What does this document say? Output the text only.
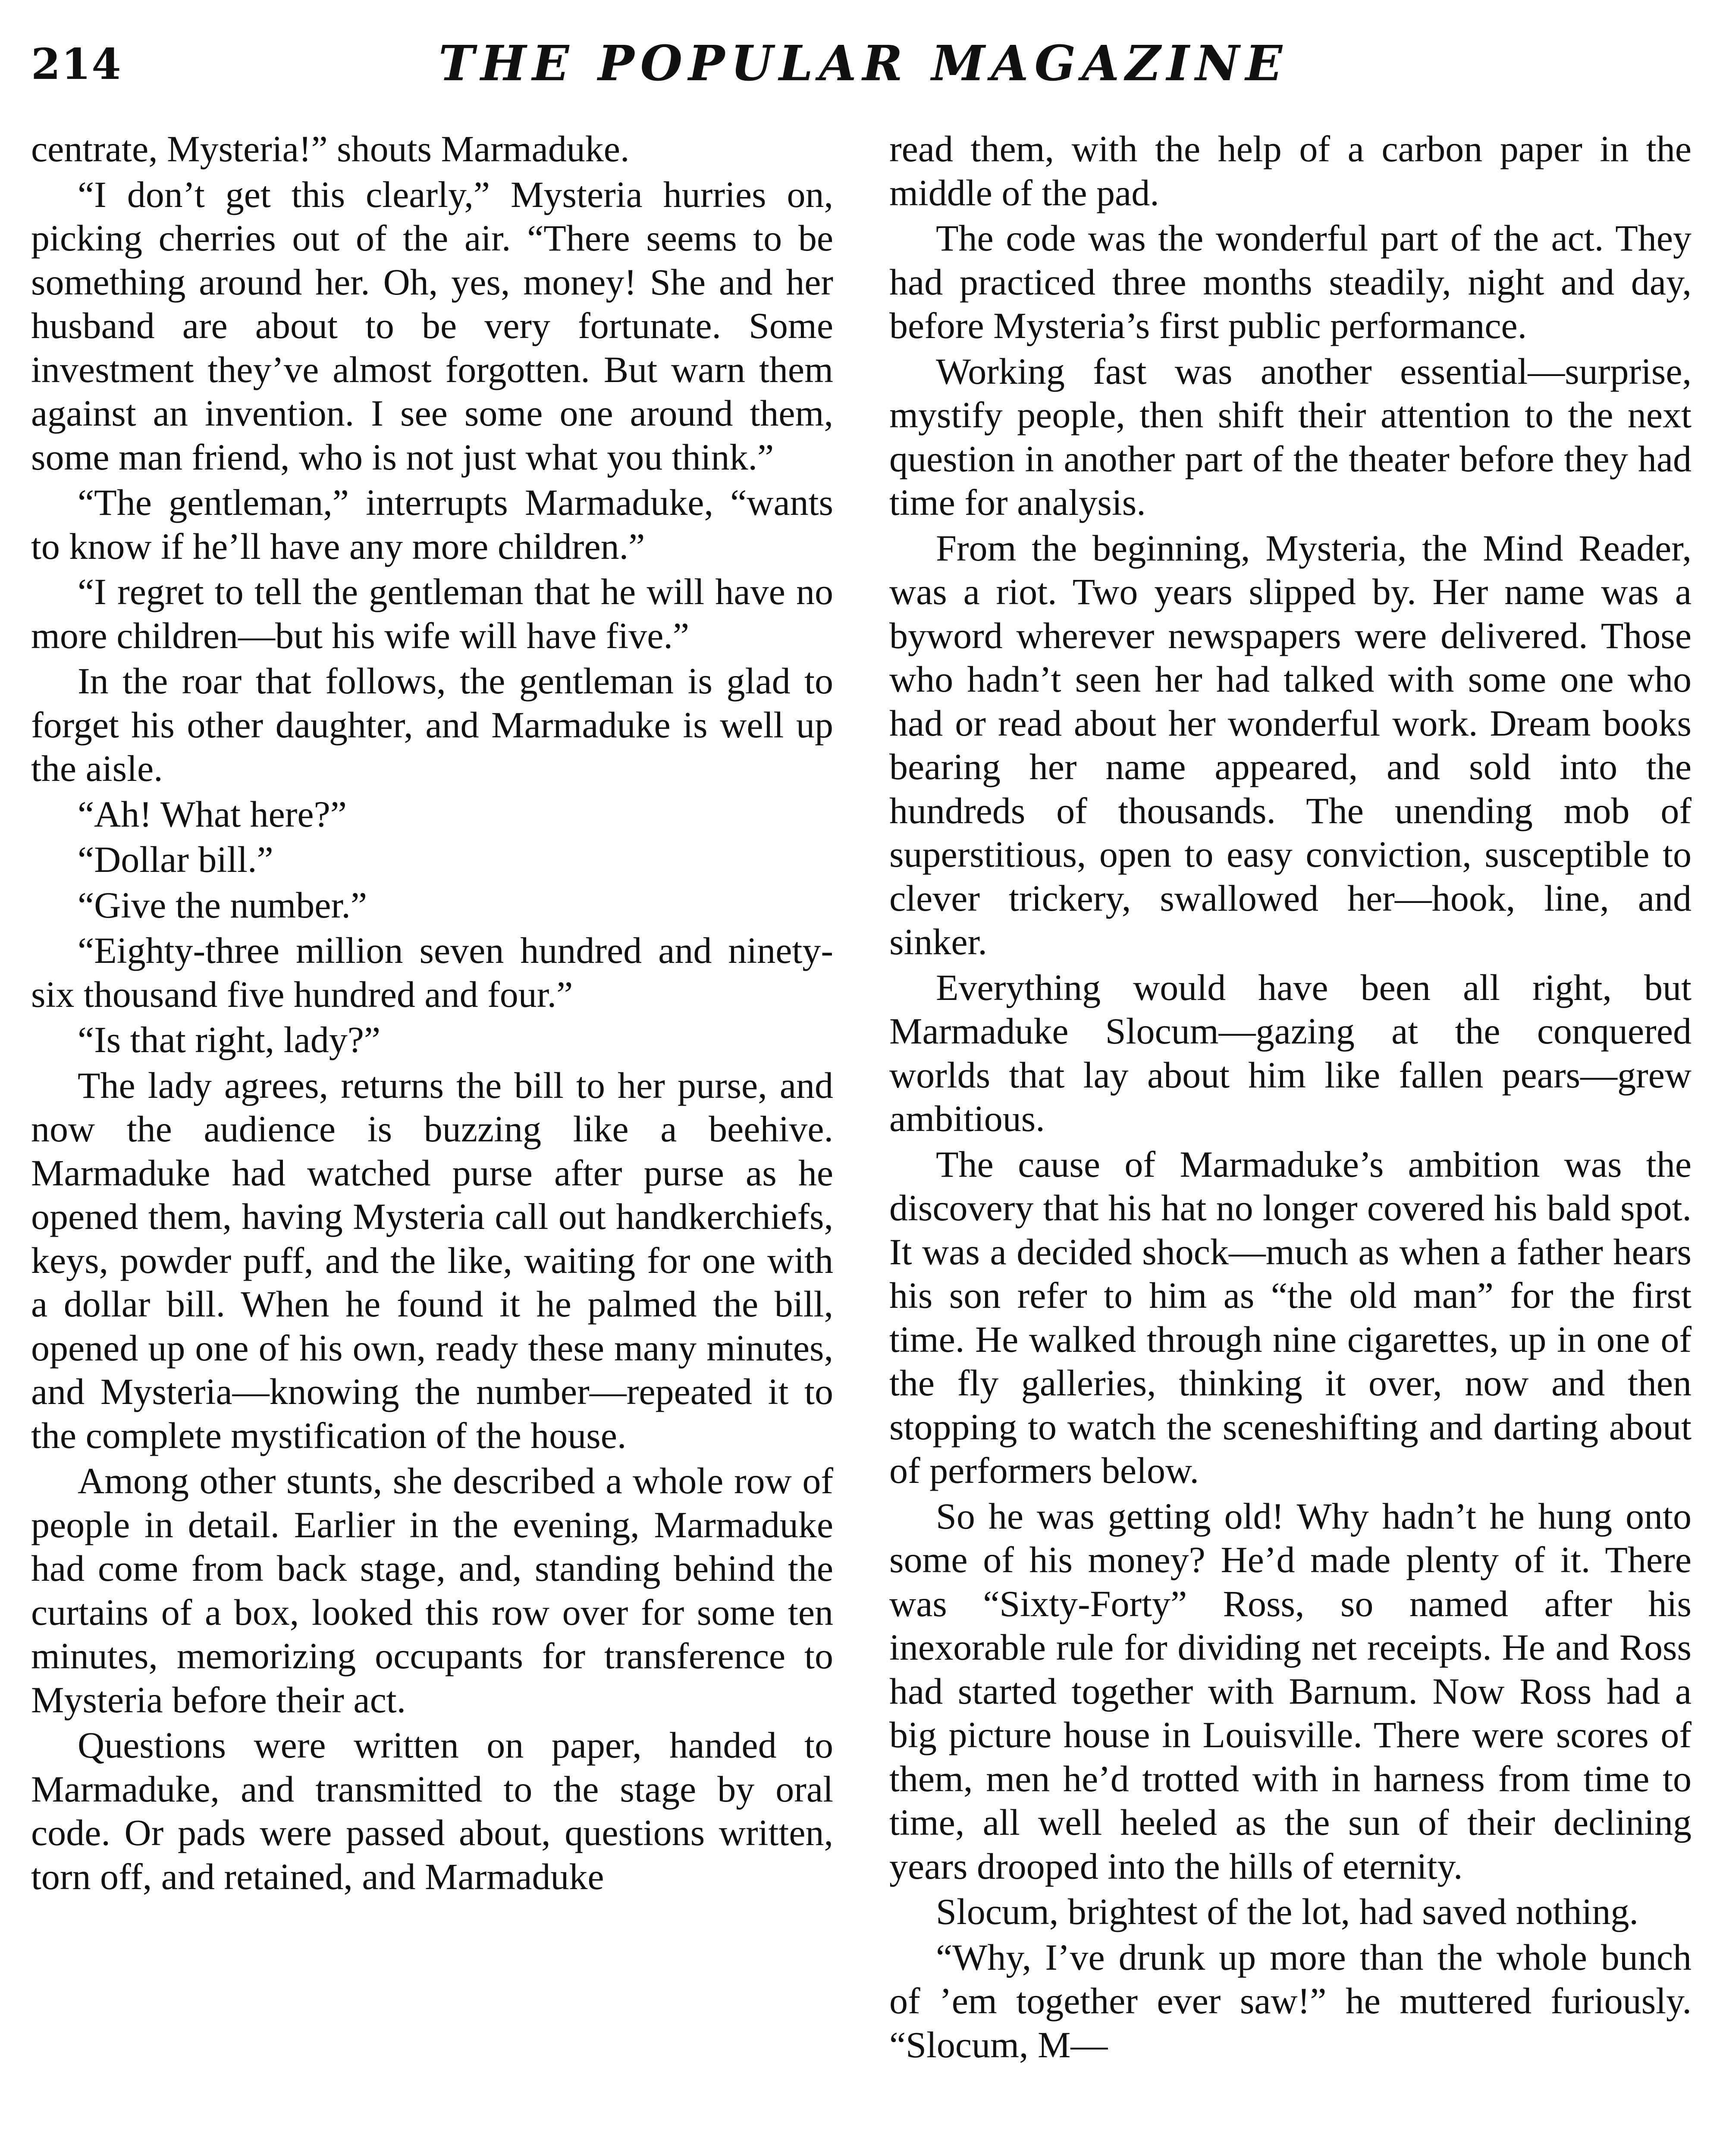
214	THE POPULAR MAGAZINE

centrate, Mysteria!” shouts Marmaduke.

“I don’t get this clearly,” Mysteria hurries on, picking cherries out of the air. “There seems to be something around her. Oh, yes, money! She and her husband are about to be very fortunate. Some investment they’ve almost forgotten. But warn them against an invention. I see some one around them, some man friend, who is not just what you think.”

“The gentleman,” interrupts Marmaduke, “wants to know if he’ll have any more children.”

“I regret to tell the gentleman that he will have no more children—but his wife will have five.”

In the roar that follows, the gentleman is glad to forget his other daughter, and Marmaduke is well up the aisle.

“Ah! What here?”

“Dollar bill.”

“Give the number.”

“Eighty-three million seven hundred and ninety-six thousand five hundred and four.”

“Is that right, lady?”

The lady agrees, returns the bill to her purse, and now the audience is buzzing like a beehive. Marmaduke had watched purse after purse as he opened them, having Mysteria call out handkerchiefs, keys, powder puff, and the like, waiting for one with a dollar bill. When he found it he palmed the bill, opened up one of his own, ready these many minutes, and Mysteria—knowing the number—repeated it to the complete mystification of the house.

Among other stunts, she described a whole row of people in detail. Earlier in the evening, Marmaduke had come from back stage, and, standing behind the curtains of a box, looked this row over for some ten minutes, memorizing occupants for transference to Mysteria before their act.

Questions were written on paper, handed to Marmaduke, and transmitted to the stage by oral code. Or pads were passed about, questions written, torn off, and retained, and Marmaduke

read them, with the help of a carbon paper in the middle of the pad.

The code was the wonderful part of the act. They had practiced three months steadily, night and day, before Mysteria’s first public performance.

Working fast was another essential—surprise, mystify people, then shift their attention to the next question in another part of the theater before they had time for analysis.

From the beginning, Mysteria, the Mind Reader, was a riot. Two years slipped by. Her name was a byword wherever newspapers were delivered. Those who hadn’t seen her had talked with some one who had or read about her wonderful work. Dream books bearing her name appeared, and sold into the hundreds of thousands. The unending mob of superstitious, open to easy conviction, susceptible to clever trickery, swallowed her—hook, line, and sinker.

Everything would have been all right, but Marmaduke Slocum—gazing at the conquered worlds that lay about him like fallen pears—grew ambitious.

The cause of Marmaduke’s ambition was the discovery that his hat no longer covered his bald spot. It was a decided shock—much as when a father hears his son refer to him as “the old man” for the first time. He walked through nine cigarettes, up in one of the fly galleries, thinking it over, now and then stopping to watch the sceneshifting and darting about of performers below.

So he was getting old! Why hadn’t he hung onto some of his money? He’d made plenty of it. There was “Sixty-Forty” Ross, so named after his inexorable rule for dividing net receipts. He and Ross had started together with Barnum. Now Ross had a big picture house in Louisville. There were scores of them, men he’d trotted with in harness from time to time, all well heeled as the sun of their declining years drooped into the hills of eternity.

Slocum, brightest of the lot, had saved nothing.

“Why, I’ve drunk up more than the whole bunch of ’em together ever saw!” he muttered furiously. “Slocum, M—
